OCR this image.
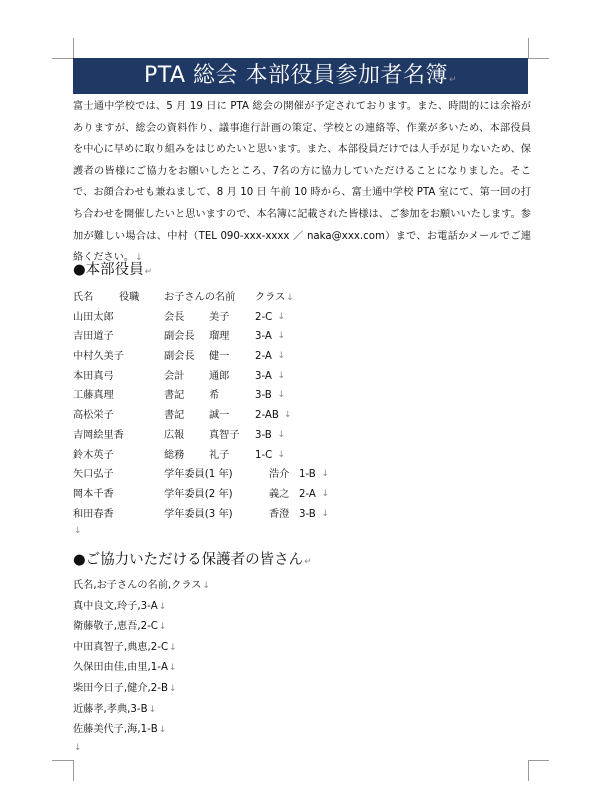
PTA 総会 本部役員参加者名簿↵
富士通中学校では、5 月 19 日に PTA 総会の開催が予定されております。また、時間的には余裕がありますが、総会の資料作り、議事進行計画の策定、学校との連絡等、作業が多いため、本部役員を中心に早めに取り組みをはじめたいと思います。また、本部役員だけでは人手が足りないため、保護者の皆様にご協力をお願いしたところ、7名の方に協力していただけることになりました。そこで、お顔合わせも兼ねまして、8 月 10 日 午前 10 時から、富士通中学校 PTA 室にて、第一回の打ち合わせを開催したいと思いますので、本名簿に記載された皆様は、ご参加をお願いいたします。参加が難しい場合は、中村（TEL 090-xxx-xxxx ／ naka@xxx.com）まで、お電話かメールでご連絡ください。↓
●本部役員↵
氏名	役職 お子さんの名前 クラス↓
山田太郎	会長 美子	2-C ↓
吉田道子	副会長 瑠理	3-A ↓
中村久美子	副会長 健一	2-A ↓
本田真弓	会計 通郎	3-A ↓
工藤真理	書記 希	3-B ↓
高松栄子	書記 誠一	2-AB ↓
吉岡絵里香	広報 真智子 3-B ↓
鈴木英子	総務 礼子	1-C ↓
矢口弘子	学年委員(1 年)	浩介 1-B ↓
岡本千香	学年委員(2 年)	義之 2-A ↓
和田春香	学年委員(3 年)	香澄 3-B ↓
↓
●ご協力いただける保護者の皆さん↵
氏名,お子さんの名前,クラス↓
真中良文,玲子,3-A↓
衛藤敬子,恵吾,2-C↓
中田真智子,典恵,2-C↓
久保田由佳,由里,1-A↓
柴田今日子,健介,2-B↓
近藤孝,孝典,3-B↓
佐藤美代子,海,1-B↓
↓
